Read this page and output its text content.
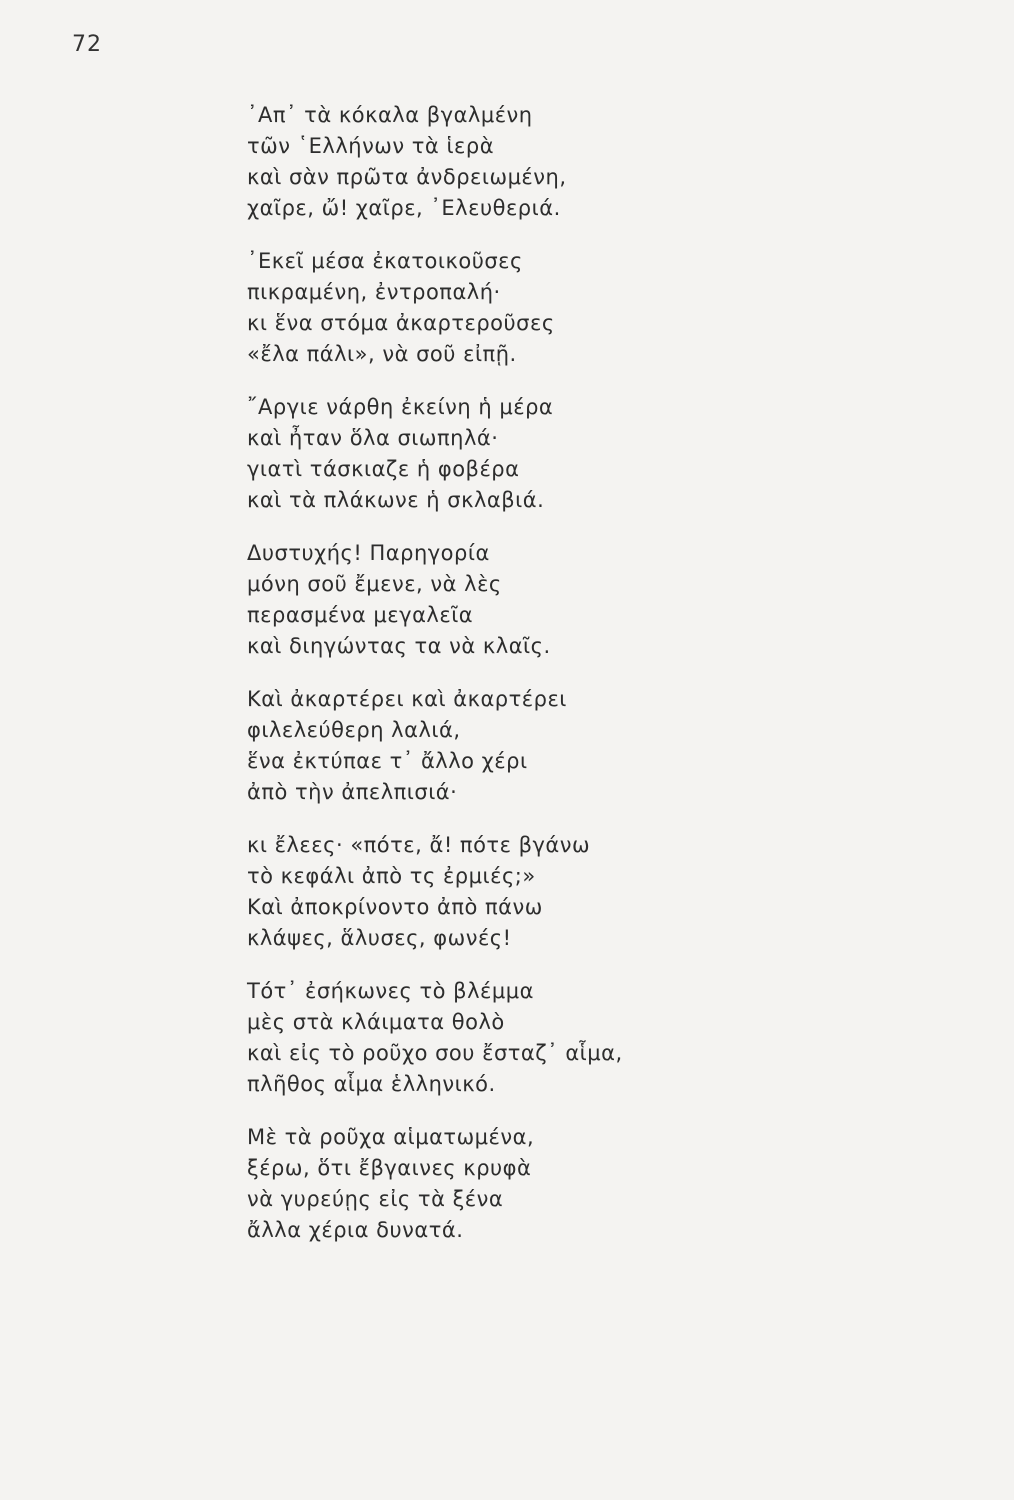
72
᾿Απ᾿ τὰ κόκαλα βγαλμένη
τῶν ῾Ελλήνων τὰ ἱερὰ
καὶ σὰν πρῶτα ἀνδρειωμένη,
χαῖρε, ὤ! χαῖρε, ᾿Ελευθεριά.
᾿Εκεῖ μέσα ἐκατοικοῦσες
πικραμένη, ἐντροπαλή·
κι ἕνα στόμα ἀκαρτεροῦσες
«ἔλα πάλι», νὰ σοῦ εἰπῇ.
῎Αργιε νάρθη ἐκείνη ἡ μέρα
καὶ ἦταν ὅλα σιωπηλά·
γιατὶ τάσκιαζε ἡ φοβέρα
καὶ τὰ πλάκωνε ἡ σκλαβιά.
Δυστυχής! Παρηγορία
μόνη σοῦ ἔμενε, νὰ λὲς
περασμένα μεγαλεῖα
καὶ διηγώντας τα νὰ κλαῖς.
Καὶ ἀκαρτέρει καὶ ἀκαρτέρει
φιλελεύθερη λαλιά,
ἕνα ἐκτύπαε τ᾿ ἄλλο χέρι
ἀπὸ τὴν ἀπελπισιά·
κι ἔλεες· «πότε, ἄ! πότε βγάνω
τὸ κεφάλι ἀπὸ τς ἐρμιές;»
Καὶ ἀποκρίνοντο ἀπὸ πάνω
κλάψες, ἅλυσες, φωνές!
Τότ᾿ ἐσήκωνες τὸ βλέμμα
μὲς στὰ κλάιματα θολὸ
καὶ εἰς τὸ ροῦχο σου ἔσταζ᾿ αἷμα,
πλῆθος αἷμα ἑλληνικό.
Μὲ τὰ ροῦχα αἱματωμένα,
ξέρω, ὅτι ἔβγαινες κρυφὰ
νὰ γυρεύῃς εἰς τὰ ξένα
ἄλλα χέρια δυνατά.
